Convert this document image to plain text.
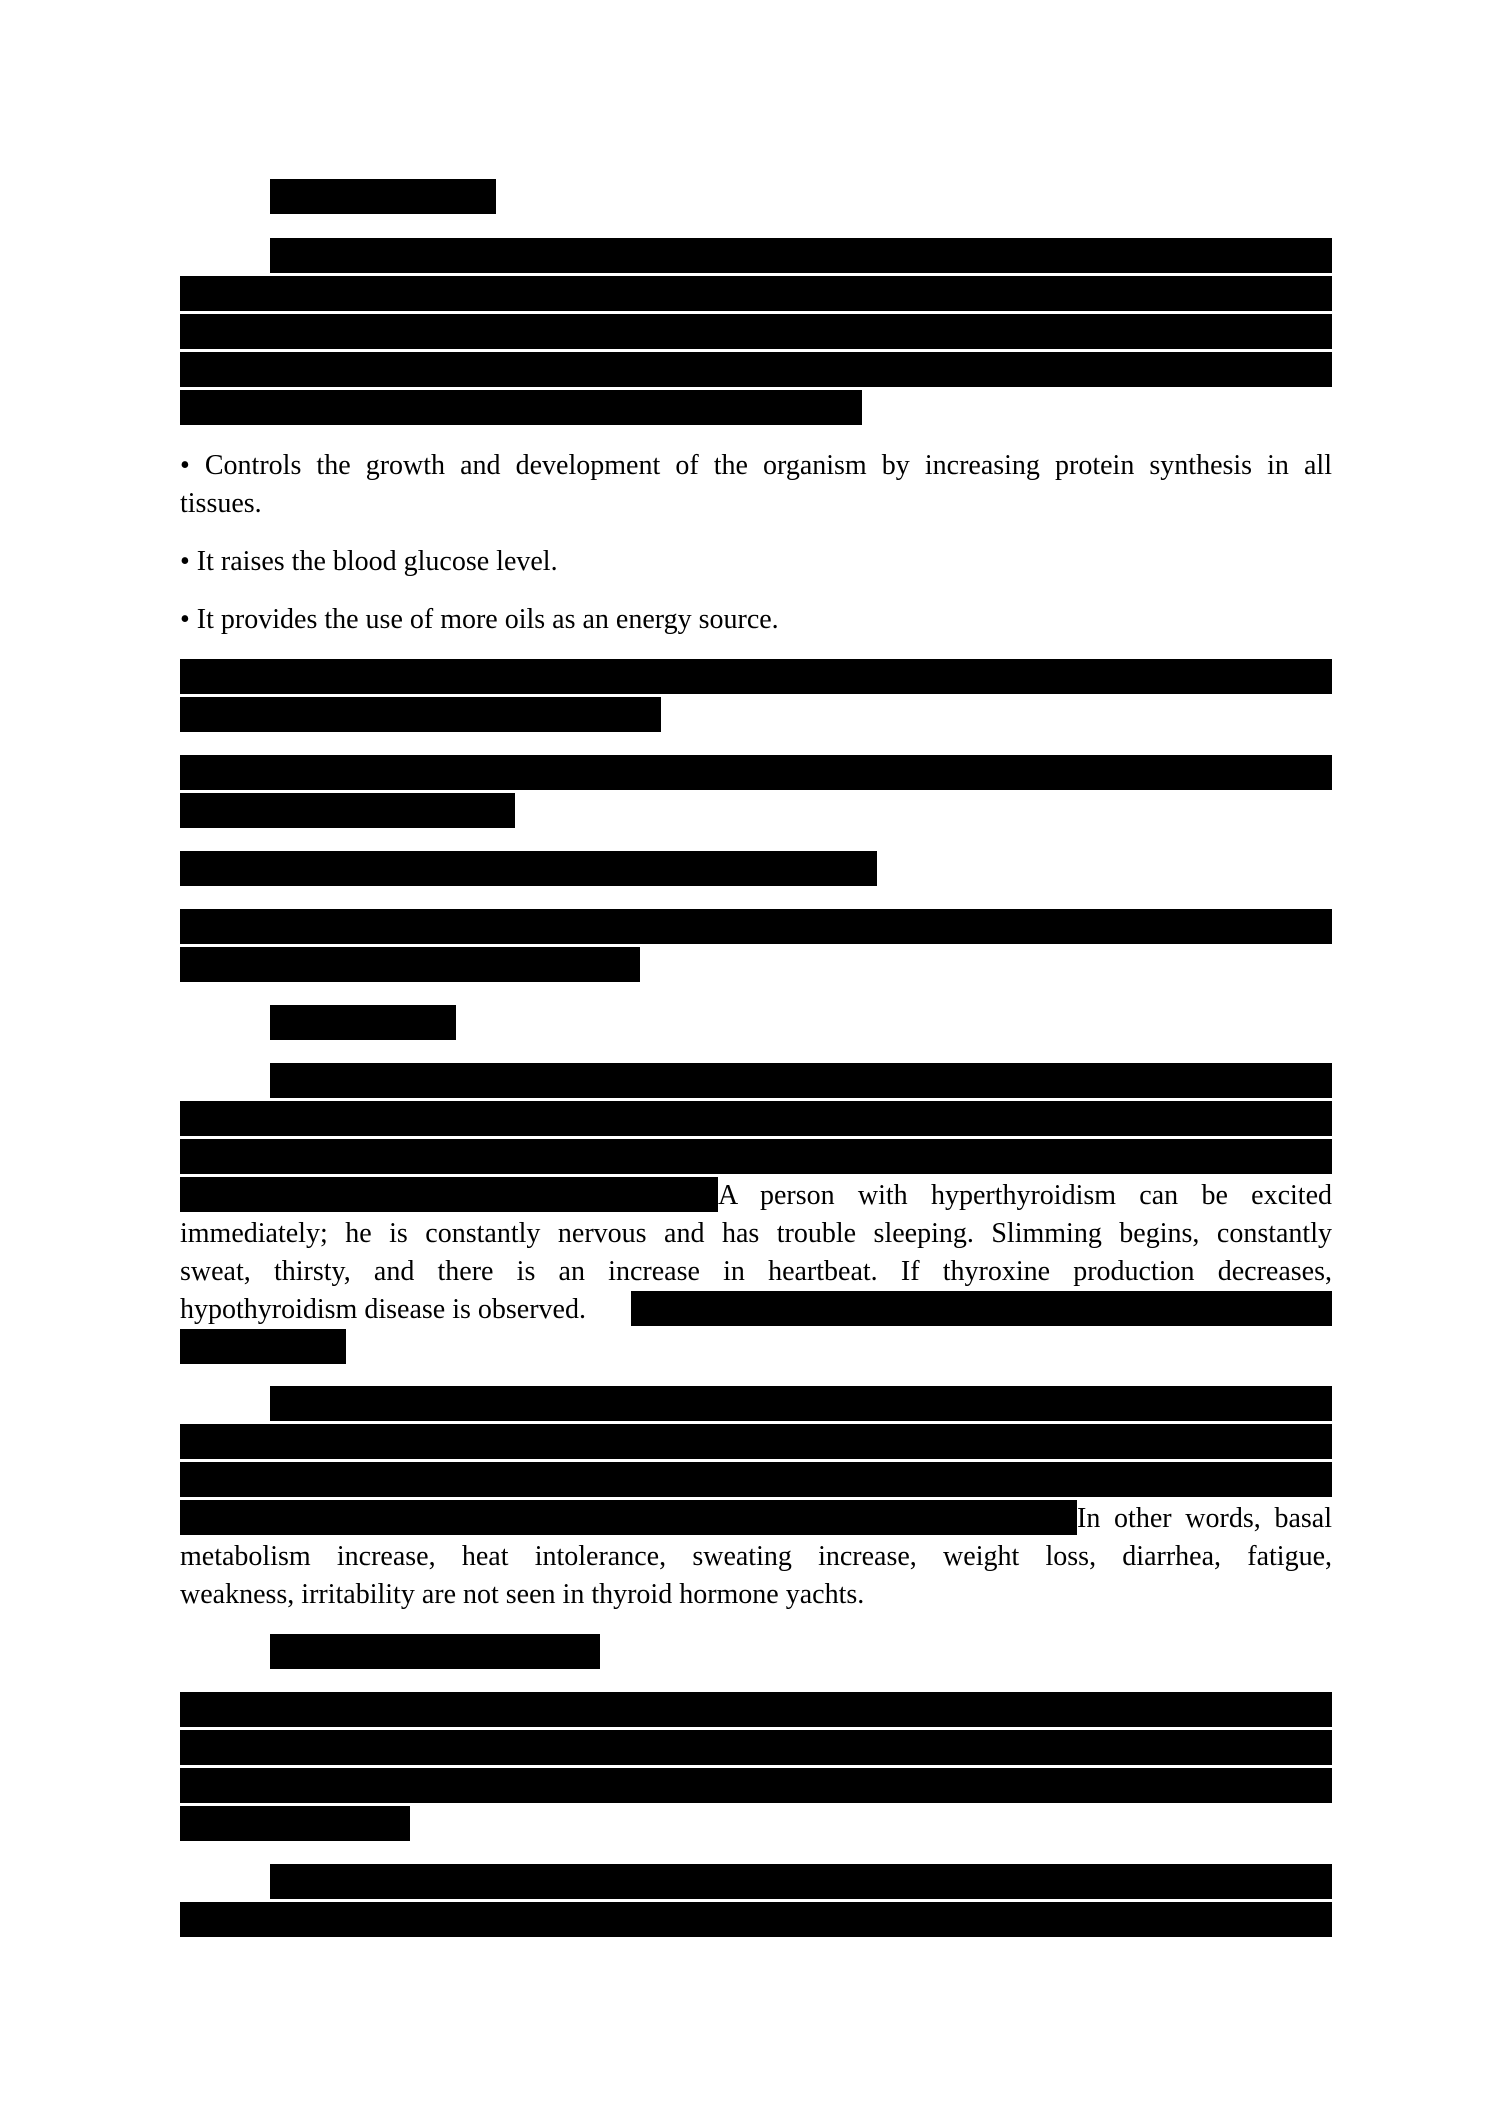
• Controls the growth and development of the organism by increasing protein synthesis in all
tissues.
• It raises the blood glucose level.
• It provides the use of more oils as an energy source.
A person with hyperthyroidism can be excited
immediately; he is constantly nervous and has trouble sleeping. Slimming begins, constantly
sweat, thirsty, and there is an increase in heartbeat. If thyroxine production decreases,
hypothyroidism disease is observed.
In other words, basal
metabolism increase, heat intolerance, sweating increase, weight loss, diarrhea, fatigue,
weakness, irritability are not seen in thyroid hormone yachts.
